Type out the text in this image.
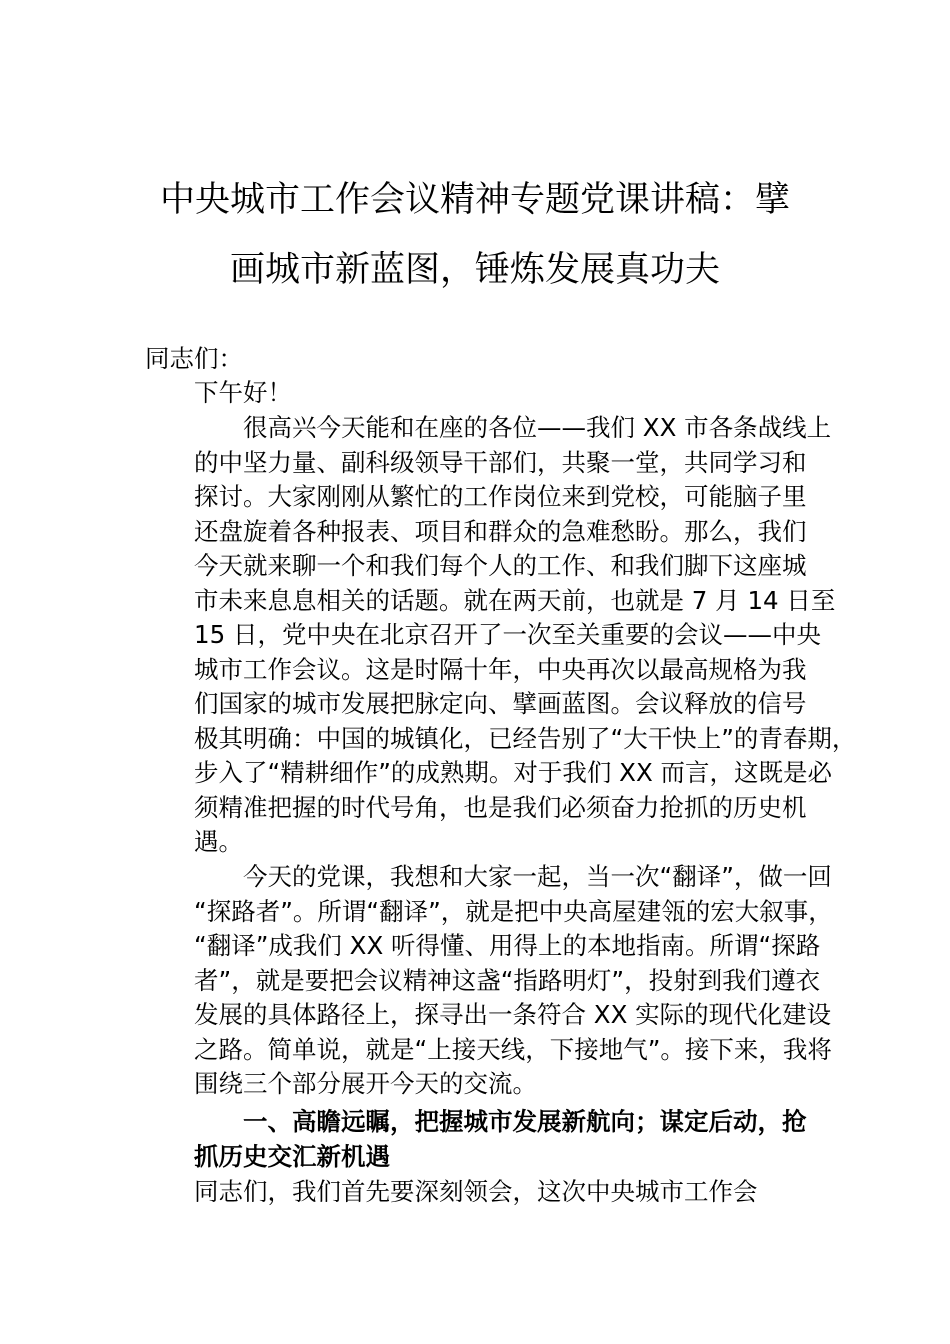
中央城市工作会议精神专题党课讲稿：擘
画城市新蓝图，锤炼发展真功夫
同志们：
下午好！
很高兴今天能和在座的各位——我们 XX 市各条战线上
的中坚力量、副科级领导干部们，共聚一堂，共同学习和
探讨。大家刚刚从繁忙的工作岗位来到党校，可能脑子里
还盘旋着各种报表、项目和群众的急难愁盼。那么，我们
今天就来聊一个和我们每个人的工作、和我们脚下这座城
市未来息息相关的话题。就在两天前，也就是 7 月 14 日至
15 日，党中央在北京召开了一次至关重要的会议——中央
城市工作会议。这是时隔十年，中央再次以最高规格为我
们国家的城市发展把脉定向、擘画蓝图。会议释放的信号
极其明确：中国的城镇化，已经告别了“大干快上”的青春期，
步入了“精耕细作”的成熟期。对于我们 XX 而言，这既是必
须精准把握的时代号角，也是我们必须奋力抢抓的历史机
遇。
今天的党课，我想和大家一起，当一次“翻译”，做一回
“探路者”。所谓“翻译”，就是把中央高屋建瓴的宏大叙事，
“翻译”成我们 XX 听得懂、用得上的本地指南。所谓“探路
者”，就是要把会议精神这盏“指路明灯”，投射到我们遵衣
发展的具体路径上，探寻出一条符合 XX 实际的现代化建设
之路。简单说，就是“上接天线，下接地气”。接下来，我将
围绕三个部分展开今天的交流。
一、高瞻远瞩，把握城市发展新航向；谋定后动，抢
抓历史交汇新机遇
同志们，我们首先要深刻领会，这次中央城市工作会
